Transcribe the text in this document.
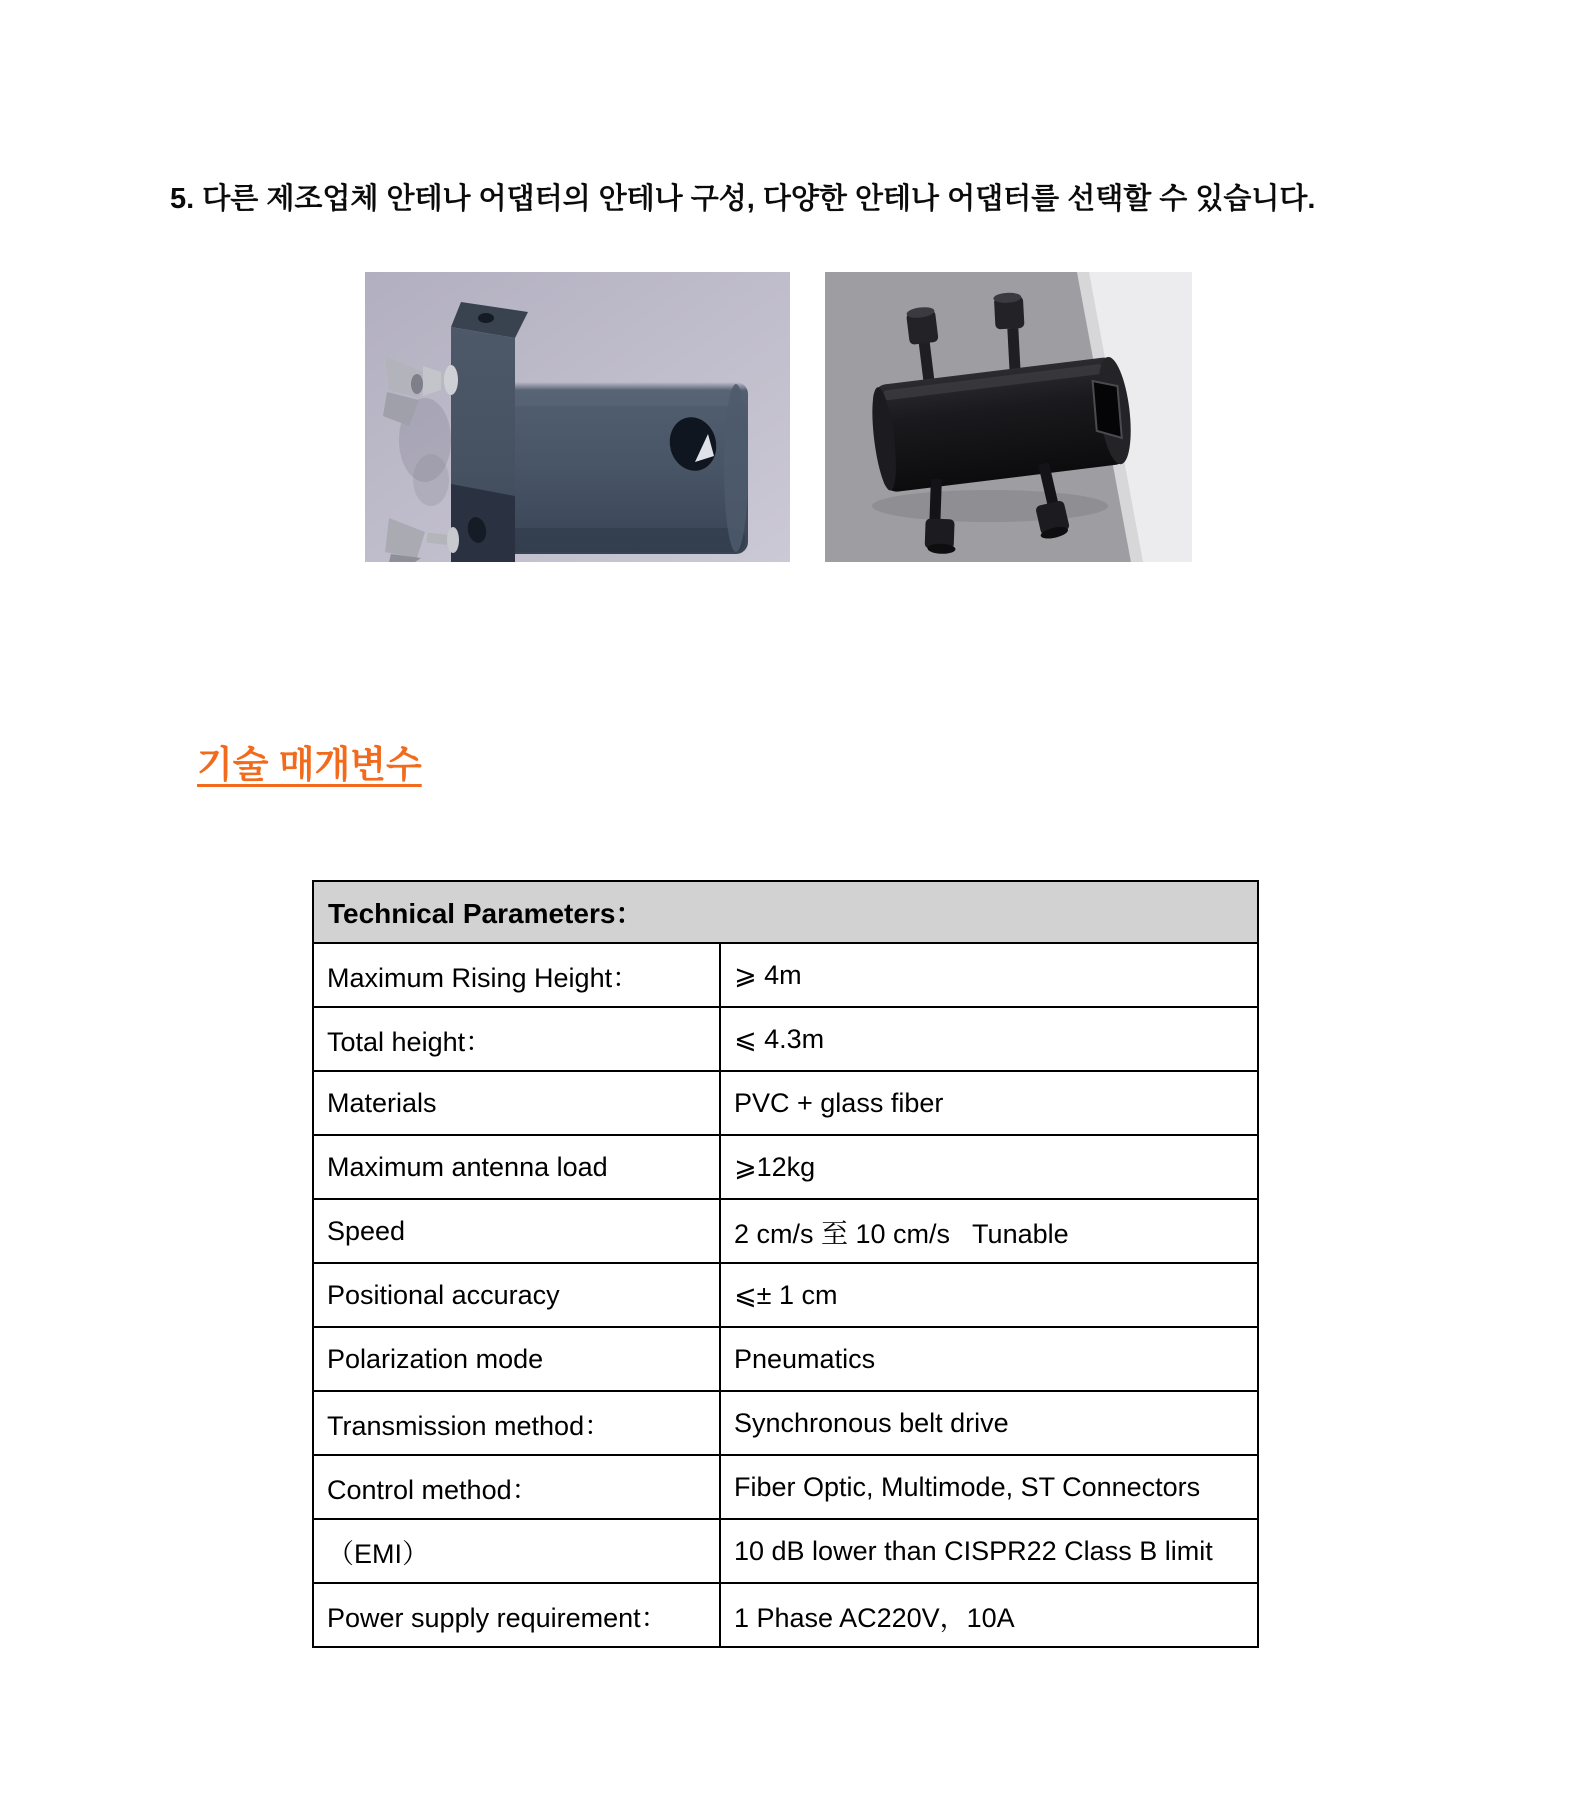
5. 다른 제조업체 안테나 어댑터의 안테나 구성, 다양한 안테나 어댑터를 선택할 수 있습니다.
기술 매개변수
Technical Parameters：	
Maximum Rising Height：	⩾ 4m
Total height：	⩽ 4.3m
Materials	PVC + glass fiber
Maximum antenna load	⩾12kg
Speed	2 cm/s 至 10 cm/s   Tunable
Positional accuracy	⩽± 1 cm
Polarization mode	Pneumatics
Transmission method：	Synchronous belt drive
Control method：	Fiber Optic, Multimode, ST Connectors
（EMI）	10 dB lower than CISPR22 Class B limit
Power supply requirement：	1 Phase AC220V，10A
